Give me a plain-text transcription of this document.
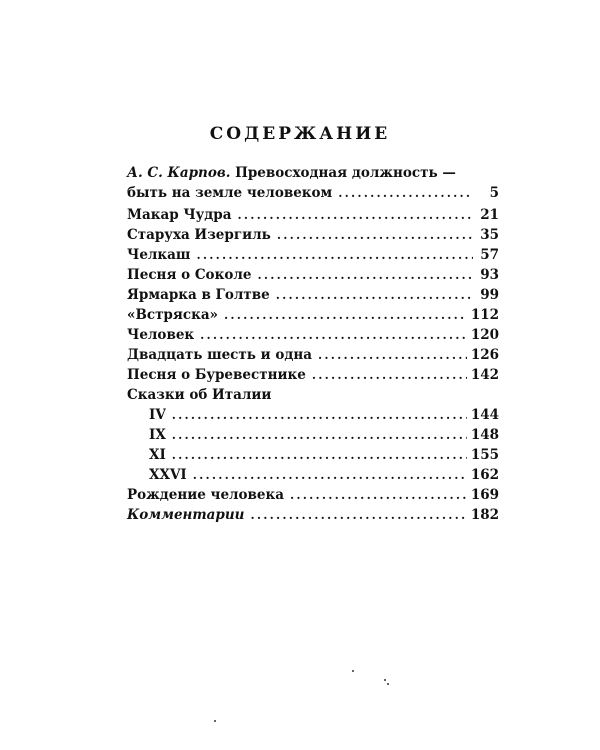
СОДЕРЖАНИЕ
А. С. Карпов. Превосходная должность —
быть на земле человеком .....	5
Макар Чудра .....	21
Старуха Изергиль .....	35
Челкаш .....	57
Песня о Соколе .....	93
Ярмарка в Голтве .....	99
«Встряска» .....	112
Человек .....	120
Двадцать шесть и одна .....	126
Песня о Буревестнике .....	142
Сказки об Италии
IV .....	144
IX .....	148
XI .....	155
XXVI .....	162
Рождение человека .....	169
Комментарии .....	182
